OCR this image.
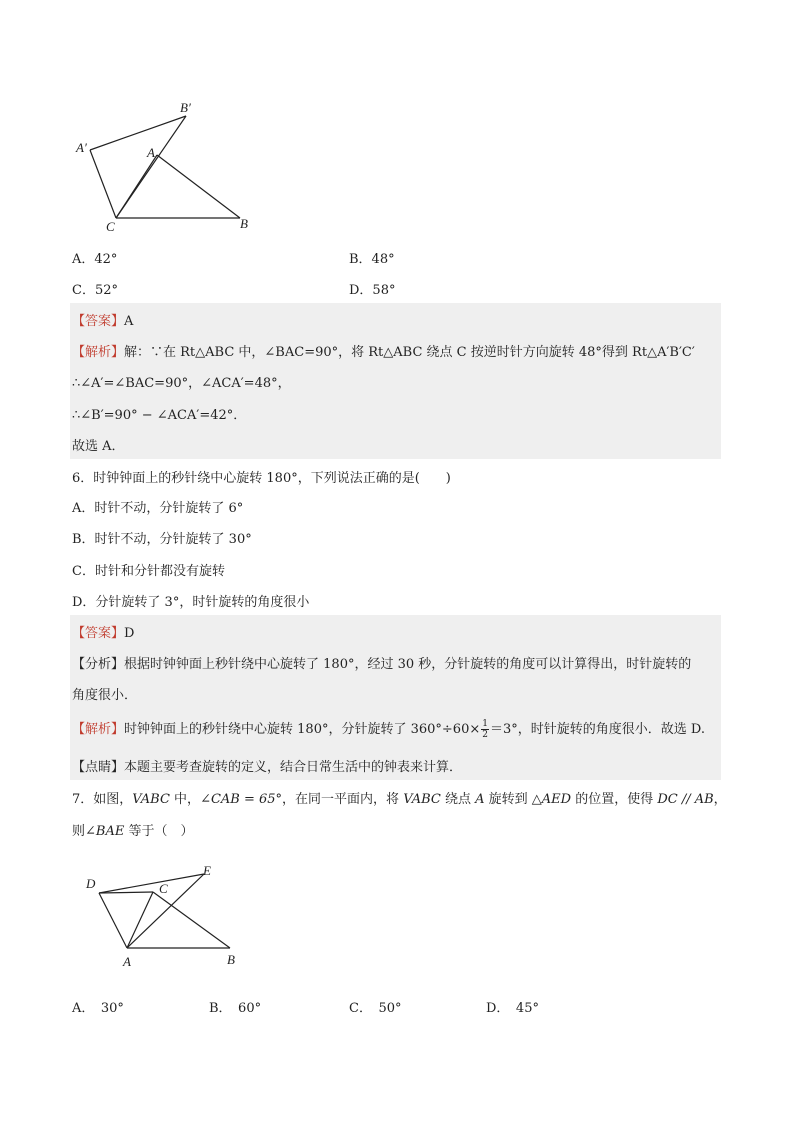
B′
A′	A
C	B
A．42°	B．48°
C．52°	D．58°
【答案】A
【解析】解：∵在 Rt△ABC 中，∠BAC=90°，将 Rt△ABC 绕点 C 按逆时针方向旋转 48°得到 Rt△A′B′C′
∴∠A′=∠BAC=90°，∠ACA′=48°，
∴∠B′=90° − ∠ACA′=42°．
故选 A．
6．时钟钟面上的秒针绕中心旋转 180°，下列说法正确的是(　　)
A．时针不动，分针旋转了 6°
B．时针不动，分针旋转了 30°
C．时针和分针都没有旋转
D．分针旋转了 3°，时针旋转的角度很小
【答案】D
【分析】根据时钟钟面上秒针绕中心旋转了 180°，经过 30 秒，分针旋转的角度可以计算得出，时针旋转的
角度很小．
【解析】时钟钟面上的秒针绕中心旋转 180°，分针旋转了 $360^\circ\div 60\times \frac{1}{2} =3^\circ$，时针旋转的角度很小．故选 D.
【点睛】本题主要考查旋转的定义，结合日常生活中的钟表来计算．
7．如图，VABC 中，∠CAB = 65°，在同一平面内，将 VABC 绕点 A 旋转到 △AED 的位置，使得 DC // AB，
则∠BAE 等于（　）
D
E
C
A	B
A．　30°	B．　60°	C．　50°	D．　45°
